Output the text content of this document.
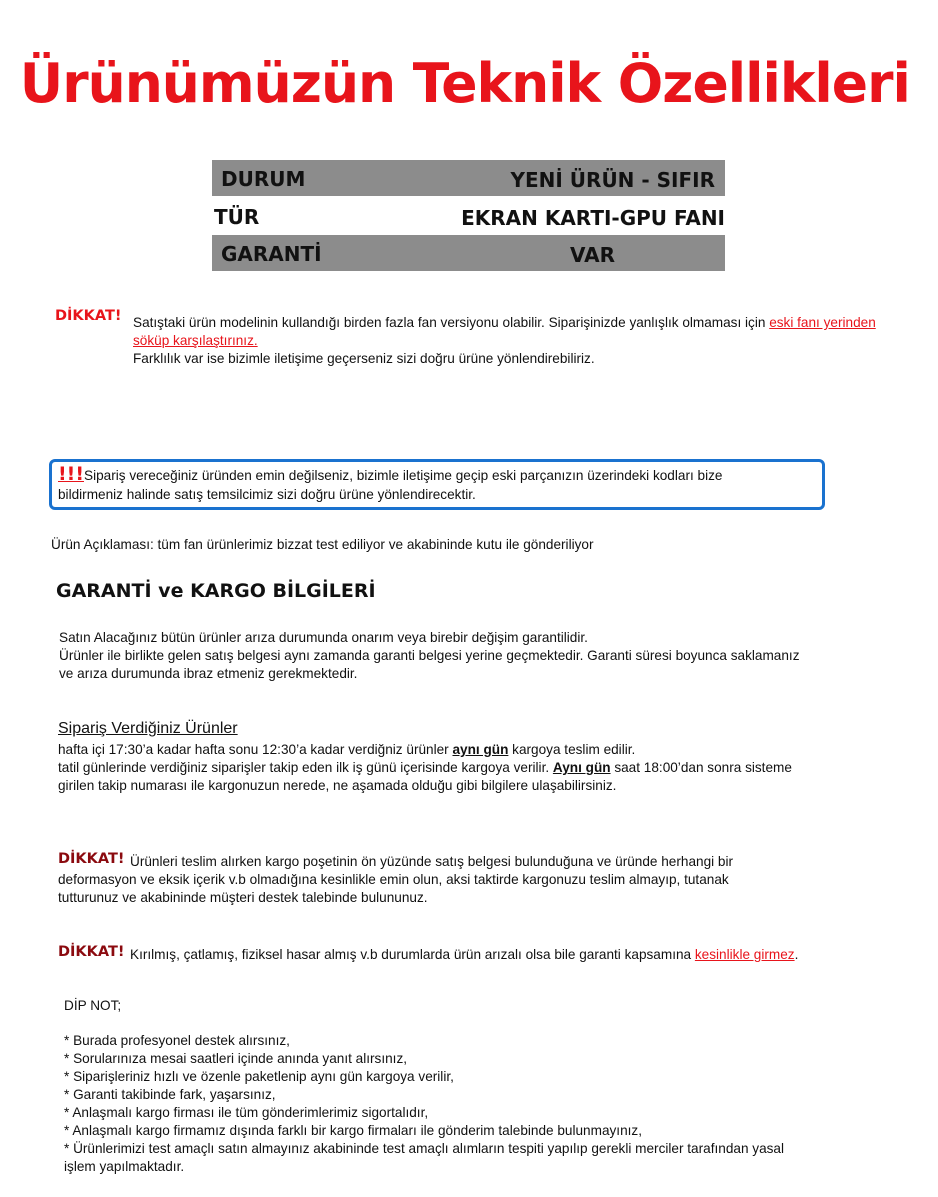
Ürünümüzün Teknik Özellikleri
DURUM	YENİ ÜRÜN - SIFIR
TÜR	EKRAN KARTI-GPU FANI
GARANTİ	VAR
DİKKAT! Satıştaki ürün modelinin kullandığı birden fazla fan versiyonu olabilir. Siparişinizde yanlışlık olmaması için eski fanı yerinden
söküp karşılaştırınız.
Farklılık var ise bizimle iletişime geçerseniz sizi doğru ürüne yönlendirebiliriz.
!!!Sipariş vereceğiniz üründen emin değilseniz, bizimle iletişime geçip eski parçanızın üzerindeki kodları bize
bildirmeniz halinde satış temsilcimiz sizi doğru ürüne yönlendirecektir.
Ürün Açıklaması: tüm fan ürünlerimiz bizzat test ediliyor ve akabininde kutu ile gönderiliyor
GARANTİ ve KARGO BİLGİLERİ
Satın Alacağınız bütün ürünler arıza durumunda onarım veya birebir değişim garantilidir.
Ürünler ile birlikte gelen satış belgesi aynı zamanda garanti belgesi yerine geçmektedir. Garanti süresi boyunca saklamanız
ve arıza durumunda ibraz etmeniz gerekmektedir.
Sipariş Verdiğiniz Ürünler
hafta içi 17:30’a kadar hafta sonu 12:30’a kadar verdiğniz ürünler aynı gün kargoya teslim edilir.
tatil günlerinde verdiğiniz siparişler takip eden ilk iş günü içerisinde kargoya verilir. Aynı gün saat 18:00’dan sonra sisteme
girilen takip numarası ile kargonuzun nerede, ne aşamada olduğu gibi bilgilere ulaşabilirsiniz.
DİKKAT! Ürünleri teslim alırken kargo poşetinin ön yüzünde satış belgesi bulunduğuna ve üründe herhangi bir
deformasyon ve eksik içerik v.b olmadığına kesinlikle emin olun, aksi taktirde kargonuzu teslim almayıp, tutanak
tutturunuz ve akabininde müşteri destek talebinde bulununuz.
DİKKAT! Kırılmış, çatlamış, fiziksel hasar almış v.b durumlarda ürün arızalı olsa bile garanti kapsamına kesinlikle girmez.
DİP NOT;
* Burada profesyonel destek alırsınız,
* Sorularınıza mesai saatleri içinde anında yanıt alırsınız,
* Siparişleriniz hızlı ve özenle paketlenip aynı gün kargoya verilir,
* Garanti takibinde fark, yaşarsınız,
* Anlaşmalı kargo firması ile tüm gönderimlerimiz sigortalıdır,
* Anlaşmalı kargo firmamız dışında farklı bir kargo firmaları ile gönderim talebinde bulunmayınız,
* Ürünlerimizi test amaçlı satın almayınız akabininde test amaçlı alımların tespiti yapılıp gerekli merciler tarafından yasal
işlem yapılmaktadır.
